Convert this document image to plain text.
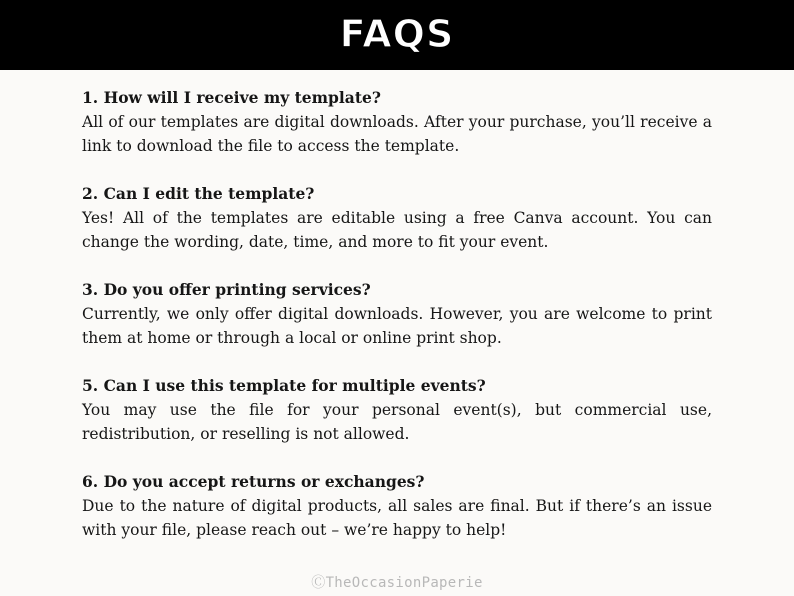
FAQS
1. How will I receive my template?

All of our templates are digital downloads. After your purchase, you’ll receive a link to download the file to access the template.

2. Can I edit the template?

Yes! All of the templates are editable using a free Canva account. You can change the wording, date, time, and more to fit your event.

3. Do you offer printing services?

Currently, we only offer digital downloads. However, you are welcome to print them at home or through a local or online print shop.

5. Can I use this template for multiple events?

You may use the file for your personal event(s), but commercial use, redistribution, or reselling is not allowed.

6. Do you accept returns or exchanges?

Due to the nature of digital products, all sales are final. But if there’s an issue with your file, please reach out – we’re happy to help!

ⒸTheOccasionPaperie
